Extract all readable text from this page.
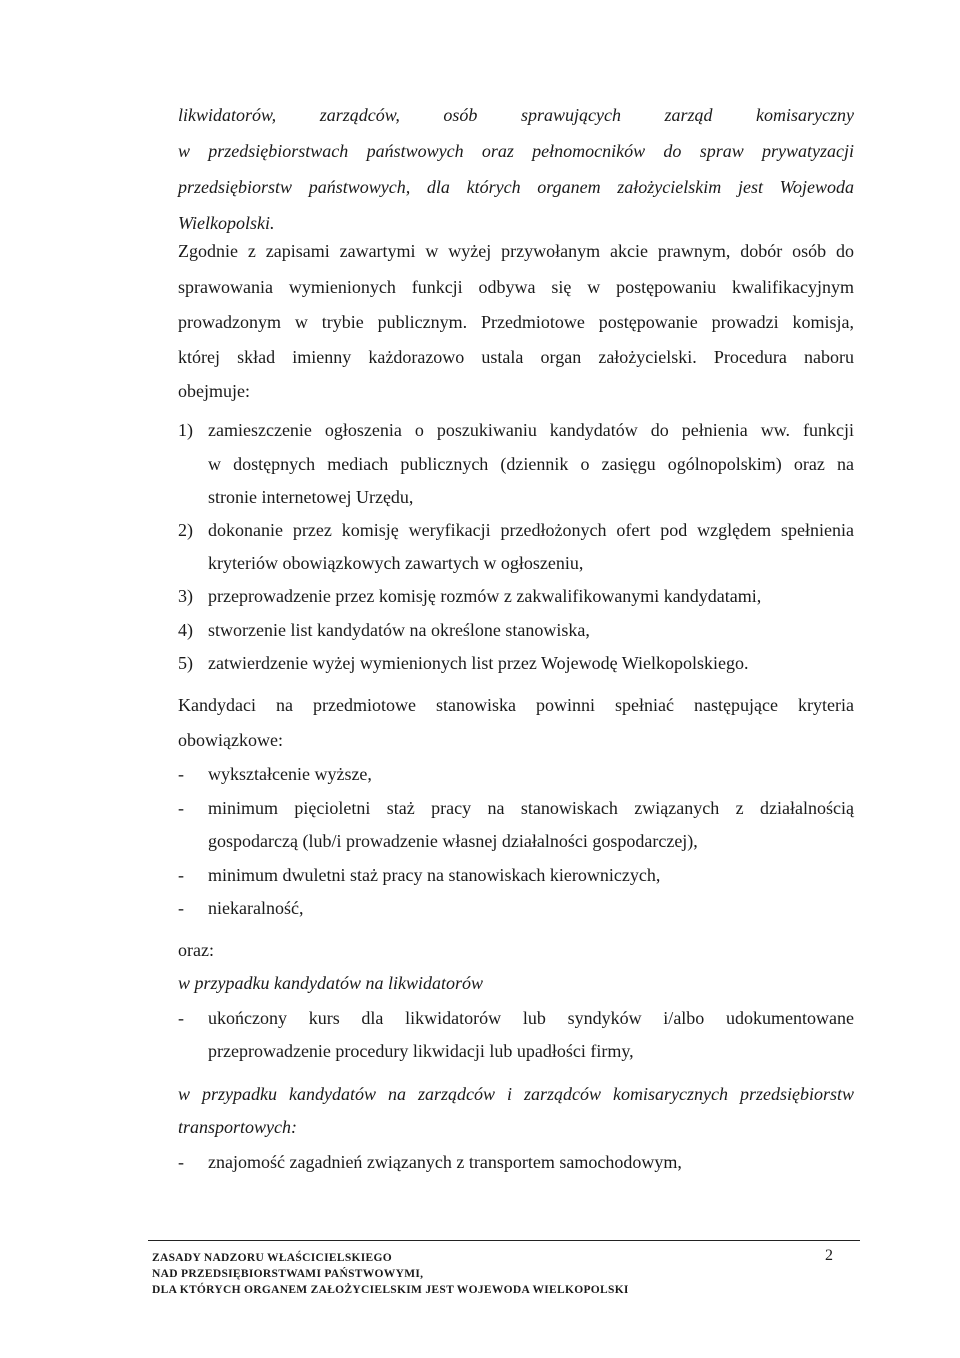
likwidatorów, zarządców, osób sprawujących zarząd komisaryczny
w przedsiębiorstwach państwowych oraz pełnomocników do spraw prywatyzacji
przedsiębiorstw państwowych, dla których organem założycielskim jest Wojewoda
Wielkopolski.
Zgodnie z zapisami zawartymi w wyżej przywołanym akcie prawnym, dobór osób do
sprawowania wymienionych funkcji odbywa się w postępowaniu kwalifikacyjnym
prowadzonym w trybie publicznym. Przedmiotowe postępowanie prowadzi komisja,
której skład imienny każdorazowo ustala organ założycielski. Procedura naboru
obejmuje:
1) zamieszczenie ogłoszenia o poszukiwaniu kandydatów do pełnienia ww. funkcji
w dostępnych mediach publicznych (dziennik o zasięgu ogólnopolskim) oraz na
stronie internetowej Urzędu,
2) dokonanie przez komisję weryfikacji przedłożonych ofert pod względem spełnienia
kryteriów obowiązkowych zawartych w ogłoszeniu,
3) przeprowadzenie przez komisję rozmów z zakwalifikowanymi kandydatami,
4) stworzenie list kandydatów na określone stanowiska,
5) zatwierdzenie wyżej wymienionych list przez Wojewodę Wielkopolskiego.
Kandydaci na przedmiotowe stanowiska powinni spełniać następujące kryteria
obowiązkowe:
- wykształcenie wyższe,
- minimum pięcioletni staż pracy na stanowiskach związanych z działalnością
gospodarczą (lub/i prowadzenie własnej działalności gospodarczej),
- minimum dwuletni staż pracy na stanowiskach kierowniczych,
- niekaralność,
oraz:
w przypadku kandydatów na likwidatorów
- ukończony kurs dla likwidatorów lub syndyków i/albo udokumentowane
przeprowadzenie procedury likwidacji lub upadłości firmy,
w przypadku kandydatów na zarządców i zarządców komisarycznych przedsiębiorstw
transportowych:
- znajomość zagadnień związanych z transportem samochodowym,
ZASADY NADZORU WŁAŚCICIELSKIEGO
NAD PRZEDSIĘBIORSTWAMI PAŃSTWOWYMI,
DLA KTÓRYCH ORGANEM ZAŁOŻYCIELSKIM JEST WOJEWODA WIELKOPOLSKI
2
